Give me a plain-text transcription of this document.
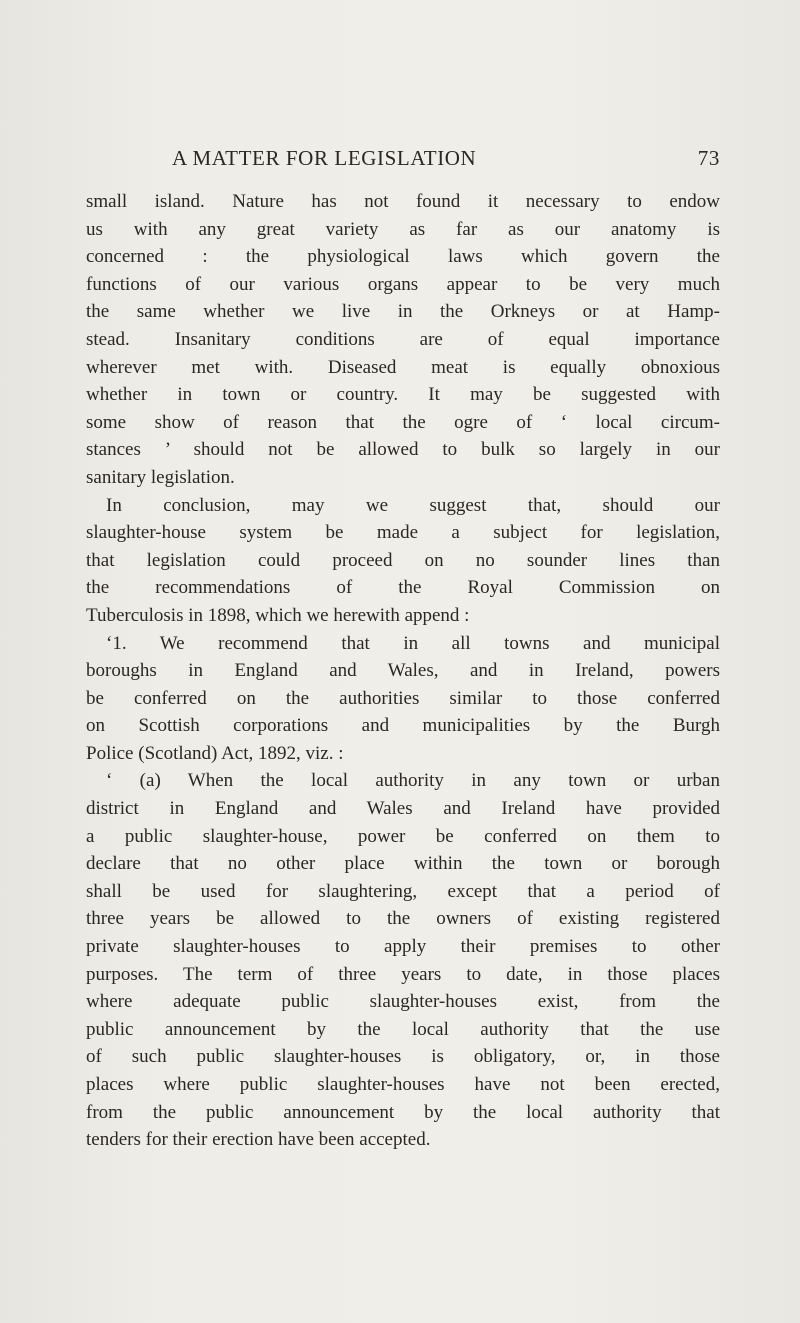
A MATTER FOR LEGISLATION	73
small island. Nature has not found it necessary to endow
us with any great variety as far as our anatomy is
concerned : the physiological laws which govern the
functions of our various organs appear to be very much
the same whether we live in the Orkneys or at Hamp-
stead. Insanitary conditions are of equal importance
wherever met with. Diseased meat is equally obnoxious
whether in town or country. It may be suggested with
some show of reason that the ogre of ‘ local circum-
stances ’ should not be allowed to bulk so largely in our
sanitary legislation.
In conclusion, may we suggest that, should our
slaughter-house system be made a subject for legislation,
that legislation could proceed on no sounder lines than
the recommendations of the Royal Commission on
Tuberculosis in 1898, which we herewith append :
‘1. We recommend that in all towns and municipal
boroughs in England and Wales, and in Ireland, powers
be conferred on the authorities similar to those conferred
on Scottish corporations and municipalities by the Burgh
Police (Scotland) Act, 1892, viz. :
‘ (a) When the local authority in any town or urban
district in England and Wales and Ireland have provided
a public slaughter-house, power be conferred on them to
declare that no other place within the town or borough
shall be used for slaughtering, except that a period of
three years be allowed to the owners of existing registered
private slaughter-houses to apply their premises to other
purposes. The term of three years to date, in those places
where adequate public slaughter-houses exist, from the
public announcement by the local authority that the use
of such public slaughter-houses is obligatory, or, in those
places where public slaughter-houses have not been erected,
from the public announcement by the local authority that
tenders for their erection have been accepted.
